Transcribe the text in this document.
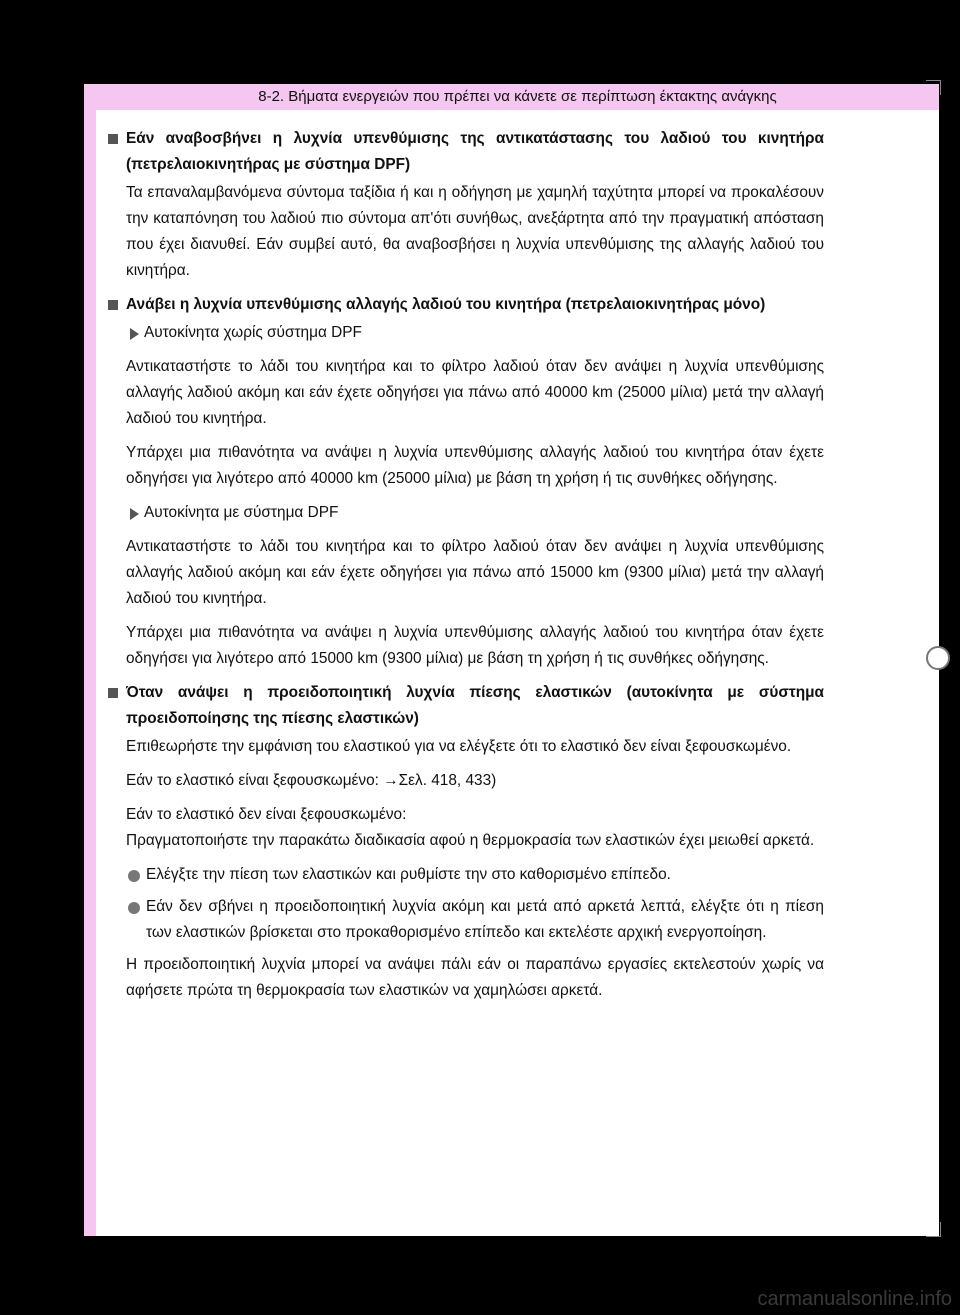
8-2. Βήματα ενεργειών που πρέπει να κάνετε σε περίπτωση έκτακτης ανάγκης
Εάν αναβοσβήνει η λυχνία υπενθύμισης της αντικατάστασης του λαδιού του κινητήρα (πετρελαιοκινητήρας με σύστημα DPF)
Τα επαναλαμβανόμενα σύντομα ταξίδια ή και η οδήγηση με χαμηλή ταχύτητα μπορεί να προκαλέσουν την καταπόνηση του λαδιού πιο σύντομα απ'ότι συνήθως, ανεξάρτητα από την πραγματική απόσταση που έχει διανυθεί. Εάν συμβεί αυτό, θα αναβοσβήσει η λυχνία υπενθύμισης της αλλαγής λαδιού του κινητήρα.
Ανάβει η λυχνία υπενθύμισης αλλαγής λαδιού του κινητήρα (πετρελαιοκινητήρας μόνο)
Αυτοκίνητα χωρίς σύστημα DPF
Αντικαταστήστε το λάδι του κινητήρα και το φίλτρο λαδιού όταν δεν ανάψει η λυχνία υπενθύμισης αλλαγής λαδιού ακόμη και εάν έχετε οδηγήσει για πάνω από 40000 km (25000 μίλια) μετά την αλλαγή λαδιού του κινητήρα.
Υπάρχει μια πιθανότητα να ανάψει η λυχνία υπενθύμισης αλλαγής λαδιού του κινητήρα όταν έχετε οδηγήσει για λιγότερο από 40000 km (25000 μίλια) με βάση τη χρήση ή τις συνθήκες οδήγησης.
Αυτοκίνητα με σύστημα DPF
Αντικαταστήστε το λάδι του κινητήρα και το φίλτρο λαδιού όταν δεν ανάψει η λυχνία υπενθύμισης αλλαγής λαδιού ακόμη και εάν έχετε οδηγήσει για πάνω από 15000 km (9300 μίλια) μετά την αλλαγή λαδιού του κινητήρα.
Υπάρχει μια πιθανότητα να ανάψει η λυχνία υπενθύμισης αλλαγής λαδιού του κινητήρα όταν έχετε οδηγήσει για λιγότερο από 15000 km (9300 μίλια) με βάση τη χρήση ή τις συνθήκες οδήγησης.
Όταν ανάψει η προειδοποιητική λυχνία πίεσης ελαστικών (αυτοκίνητα με σύστημα προειδοποίησης της πίεσης ελαστικών)
Επιθεωρήστε την εμφάνιση του ελαστικού για να ελέγξετε ότι το ελαστικό δεν είναι ξεφουσκωμένο.
Εάν το ελαστικό είναι ξεφουσκωμένο: →Σελ. 418, 433)
Εάν το ελαστικό δεν είναι ξεφουσκωμένο:
Πραγματοποιήστε την παρακάτω διαδικασία αφού η θερμοκρασία των ελαστικών έχει μειωθεί αρκετά.
Ελέγξτε την πίεση των ελαστικών και ρυθμίστε την στο καθορισμένο επίπεδο.
Εάν δεν σβήνει η προειδοποιητική λυχνία ακόμη και μετά από αρκετά λεπτά, ελέγξτε ότι η πίεση των ελαστικών βρίσκεται στο προκαθορισμένο επίπεδο και εκτελέστε αρχική ενεργοποίηση.
Η προειδοποιητική λυχνία μπορεί να ανάψει πάλι εάν οι παραπάνω εργασίες εκτελεστούν χωρίς να αφήσετε πρώτα τη θερμοκρασία των ελαστικών να χαμηλώσει αρκετά.
carmanualsonline.info
